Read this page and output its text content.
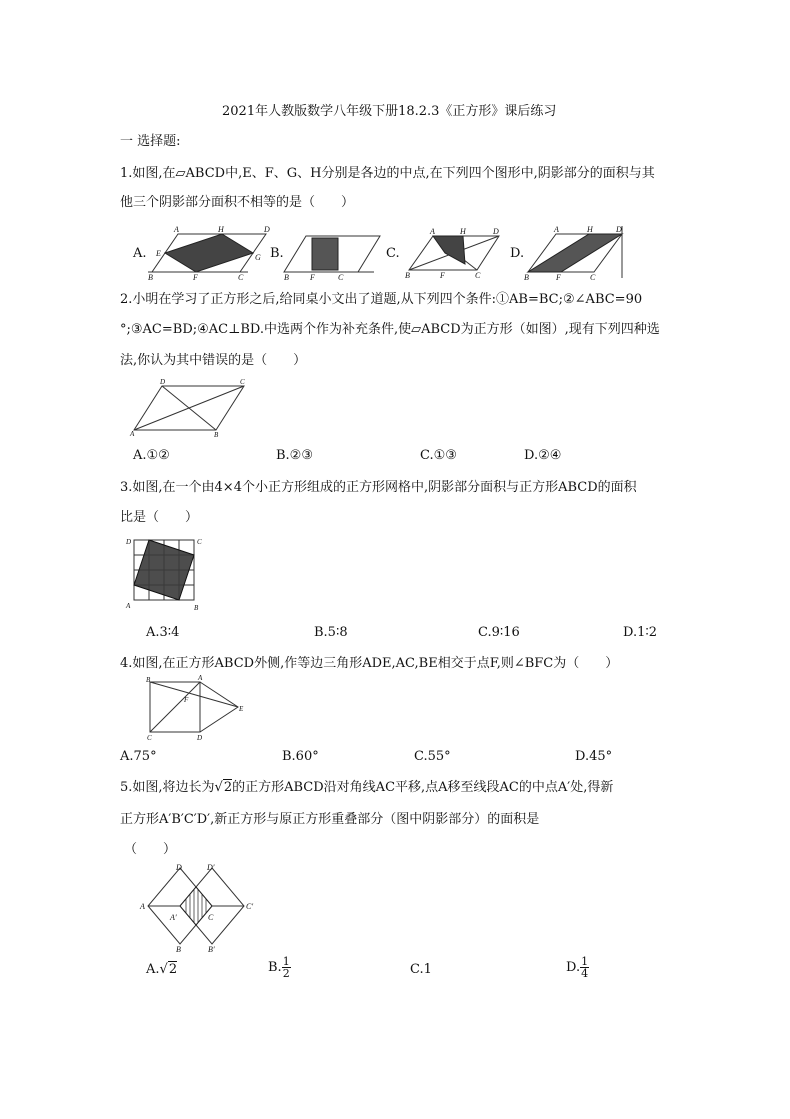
2021年人教版数学八年级下册18.2.3《正方形》课后练习
一 选择题:
1.如图,在▱ABCD中,E、F、G、H分别是各边的中点,在下列四个图形中,阴影部分的面积与其
他三个阴影部分面积不相等的是（　　）
A.
A	H	D
E	G
B	F	C
B.
B	F	C
C.
A	H	D
B	F	C
D.
A	H	D
B	F	C
2.小明在学习了正方形之后,给同桌小文出了道题,从下列四个条件:①AB=BC;②∠ABC=90
°;③AC=BD;④AC⊥BD.中选两个作为补充条件,使▱ABCD为正方形（如图）,现有下列四种选
法,你认为其中错误的是（　　）
D	C
A	B
A.①②	B.②③	C.①③	D.②④
3.如图,在一个由4×4个小正方形组成的正方形网格中,阴影部分面积与正方形ABCD的面积
比是（　　）
D	C
A	B
A.3∶4	B.5∶8	C.9∶16	D.1∶2
4.如图,在正方形ABCD外侧,作等边三角形ADE,AC,BE相交于点F,则∠BFC为（　　）
B	A
F
E
C	D
A.75°	B.60°	C.55°	D.45°
5.如图,将边长为√2的正方形ABCD沿对角线AC平移,点A移至线段AC的中点A′处,得新
正方形A′B′C′D′,新正方形与原正方形重叠部分（图中阴影部分）的面积是
（　　）
D	D′
A
A′	C
C′
B	B′
A.√2	B. $\frac{1}{2}$	C.1	D. $\frac{1}{4}$
